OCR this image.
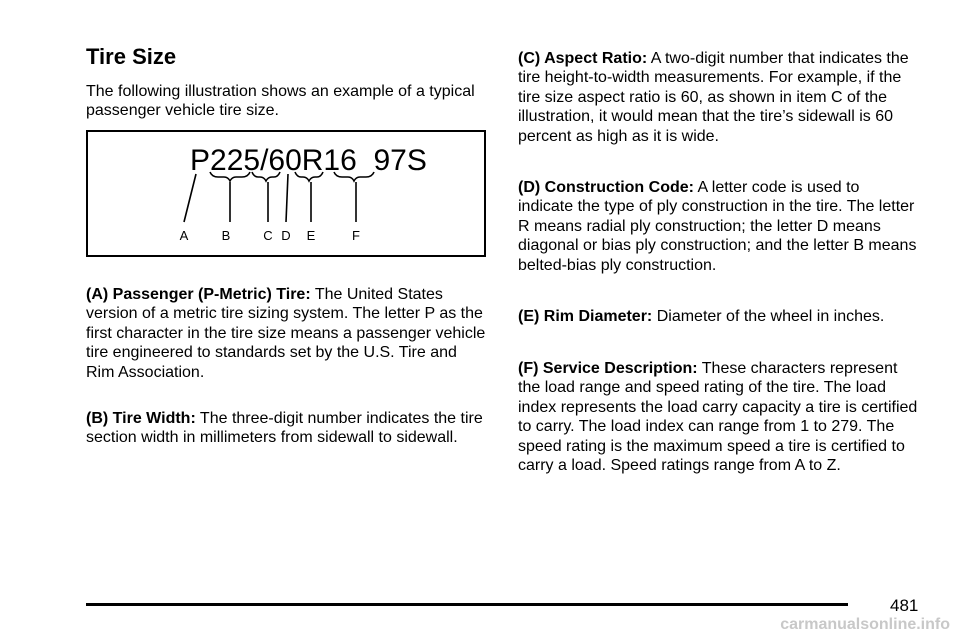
Tire Size

The following illustration shows an example of a typical passenger vehicle tire size.

P225/60R16  97S
A	B	C D E	F

(A) Passenger (P-Metric) Tire: The United States version of a metric tire sizing system. The letter P as the first character in the tire size means a passenger vehicle tire engineered to standards set by the U.S. Tire and Rim Association.

(B) Tire Width: The three-digit number indicates the tire section width in millimeters from sidewall to sidewall.

(C) Aspect Ratio: A two-digit number that indicates the tire height-to-width measurements. For example, if the tire size aspect ratio is 60, as shown in item C of the illustration, it would mean that the tire’s sidewall is 60 percent as high as it is wide.

(D) Construction Code: A letter code is used to indicate the type of ply construction in the tire. The letter R means radial ply construction; the letter D means diagonal or bias ply construction; and the letter B means belted-bias ply construction.

(E) Rim Diameter: Diameter of the wheel in inches.

(F) Service Description: These characters represent the load range and speed rating of the tire. The load index represents the load carry capacity a tire is certified to carry. The load index can range from 1 to 279. The speed rating is the maximum speed a tire is certified to carry a load. Speed ratings range from A to Z.

481
carmanualsonline.info
